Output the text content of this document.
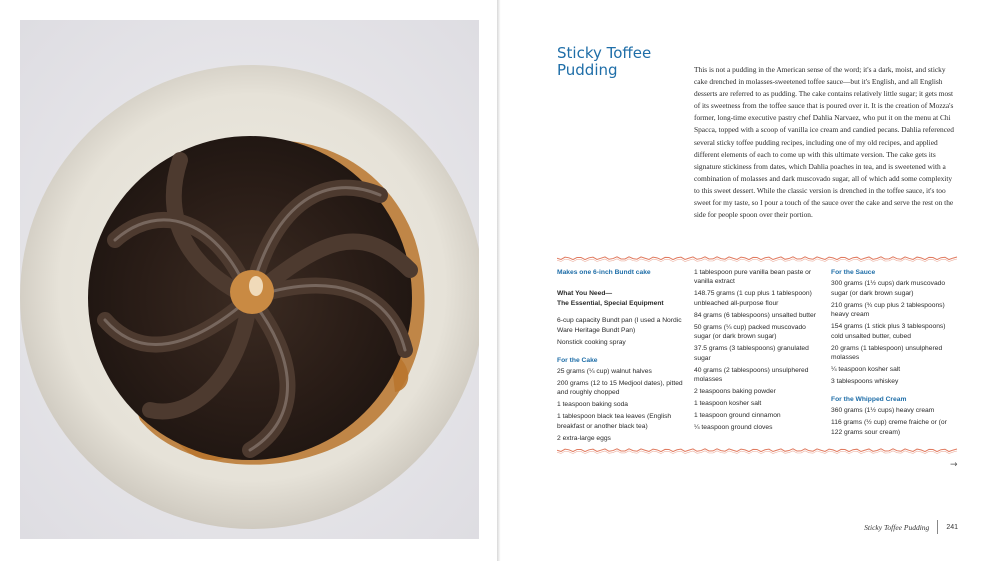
Sticky Toffee Pudding	This is not a pudding in the American sense of the word; it's a dark, moist, and sticky cake drenched in molasses-sweetened toffee sauce—but it's English, and all English desserts are referred to as pudding. The cake contains relatively little sugar; it gets most of its sweetness from the toffee sauce that is poured over it. It is the creation of Mozza's former, long-time executive pastry chef Dahlia Narvaez, who put it on the menu at Chi Spacca, topped with a scoop of vanilla ice cream and candied pecans. Dahlia referenced several sticky toffee pudding recipes, including one of my old recipes, and applied different elements of each to come up with this ultimate version. The cake gets its signature stickiness from dates, which Dahlia poaches in tea, and is sweetened with a combination of molasses and dark muscovado sugar, all of which add some complexity to this sweet dessert. While the classic version is drenched in the toffee sauce, it's too sweet for my taste, so I pour a touch of the sauce over the cake and serve the rest on the side for people spoon over their portion.

Makes one 6-inch Bundt cake

What You Need—
The Essential, Special Equipment

6-cup capacity Bundt pan (I used a Nordic Ware Heritage Bundt Pan)

Nonstick cooking spray

For the Cake

25 grams (¼ cup) walnut halves

200 grams (12 to 15 Medjool dates), pitted and roughly chopped

1 teaspoon baking soda

1 tablespoon black tea leaves (English breakfast or another black tea)

2 extra-large eggs

1 tablespoon pure vanilla bean paste or vanilla extract

148.75 grams (1 cup plus 1 tablespoon) unbleached all-purpose flour

84 grams (6 tablespoons) unsalted butter

50 grams (¼ cup) packed muscovado sugar (or dark brown sugar)

37.5 grams (3 tablespoons) granulated sugar

40 grams (2 tablespoons) unsulphered molasses

2 teaspoons baking powder

1 teaspoon kosher salt

1 teaspoon ground cinnamon

¼ teaspoon ground cloves

For the Sauce

300 grams (1½ cups) dark muscovado sugar (or dark brown sugar)

210 grams (¾ cup plus 2 tablespoons) heavy cream

154 grams (1 stick plus 3 tablespoons) cold unsalted butter, cubed

20 grams (1 tablespoon) unsulphered molasses

¼ teaspoon kosher salt

3 tablespoons whiskey

For the Whipped Cream

360 grams (1½ cups) heavy cream

116 grams (½ cup) creme fraiche or (or 122 grams sour cream)

→
Sticky Toffee Pudding 241
